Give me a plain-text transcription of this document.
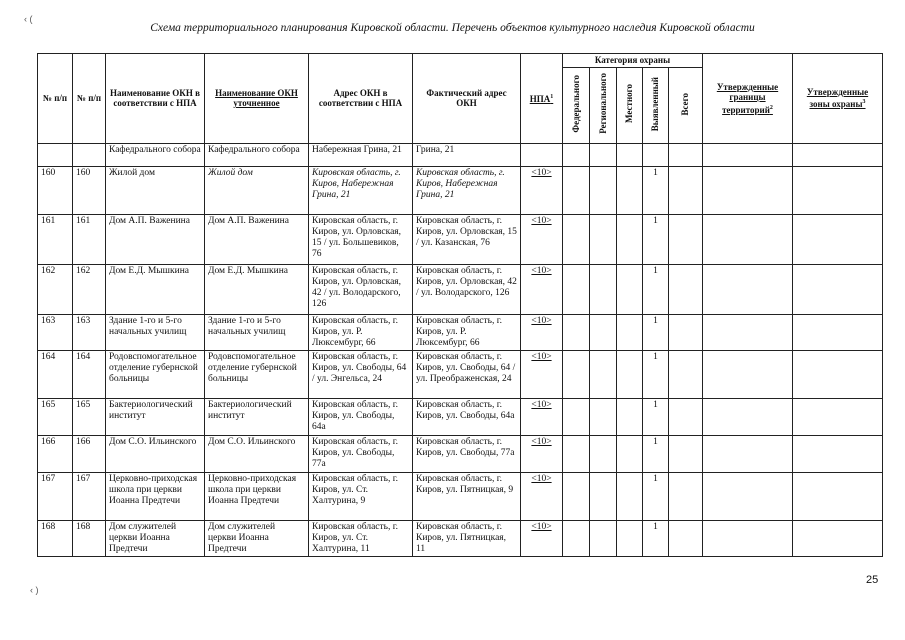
‹ (
‹ )
Схема территориального планирования Кировской области. Перечень объектов культурного наследия Кировской области
№ п/п	№ п/п	Наименование ОКН в соответствии с НПА	Наименование ОКН уточненное	Адрес ОКН в соответствии с НПА	Фактический адрес ОКН	НПА$^1$	Категория охраны					Утвержденные границы территорий$^2$	Утвержденные зоны охраны$^3$
							Федерального	Регионального	Местного	Выявленный	Всего		
		Кафедрального собора	Кафедрального собора	Набережная Грина, 21	Грина, 21								
160	160	Жилой дом	Жилой дом	Кировская область, г. Киров, Набережная Грина, 21	Кировская область, г. Киров, Набережная Грина, 21	<10>				1			
161	161	Дом А.П. Важенина	Дом А.П. Важенина	Кировская область, г. Киров, ул. Орловская, 15 / ул. Большевиков, 76	Кировская область, г. Киров, ул. Орловская, 15 / ул. Казанская, 76	<10>				1			
162	162	Дом Е.Д. Мышкина	Дом Е.Д. Мышкина	Кировская область, г. Киров, ул. Орловская, 42 / ул. Володарского, 126	Кировская область, г. Киров, ул. Орловская, 42 / ул. Володарского, 126	<10>				1			
163	163	Здание 1-го и 5-го начальных училищ	Здание 1-го и 5-го начальных училищ	Кировская область, г. Киров, ул. Р. Люксембург, 66	Кировская область, г. Киров, ул. Р. Люксембург, 66	<10>				1			
164	164	Родовспомогательное отделение губернской больницы	Родовспомогательное отделение губернской больницы	Кировская область, г. Киров, ул. Свободы, 64 / ул. Энгельса, 24	Кировская область, г. Киров, ул. Свободы, 64 / ул. Преображенская, 24	<10>				1			
165	165	Бактериологический институт	Бактериологический институт	Кировская область, г. Киров, ул. Свободы, 64а	Кировская область, г. Киров, ул. Свободы, 64а	<10>				1			
166	166	Дом С.О. Ильинского	Дом С.О. Ильинского	Кировская область, г. Киров, ул. Свободы, 77а	Кировская область, г. Киров, ул. Свободы, 77а	<10>				1			
167	167	Церковно-приходская школа при церкви Иоанна Предтечи	Церковно-приходская школа при церкви Иоанна Предтечи	Кировская область, г. Киров, ул. Ст. Халтурина, 9	Кировская область, г. Киров, ул. Пятницкая, 9	<10>				1			
168	168	Дом служителей церкви Иоанна Предтечи	Дом служителей церкви Иоанна Предтечи	Кировская область, г. Киров, ул. Ст. Халтурина, 11	Кировская область, г. Киров, ул. Пятницкая, 11	<10>				1			
25
